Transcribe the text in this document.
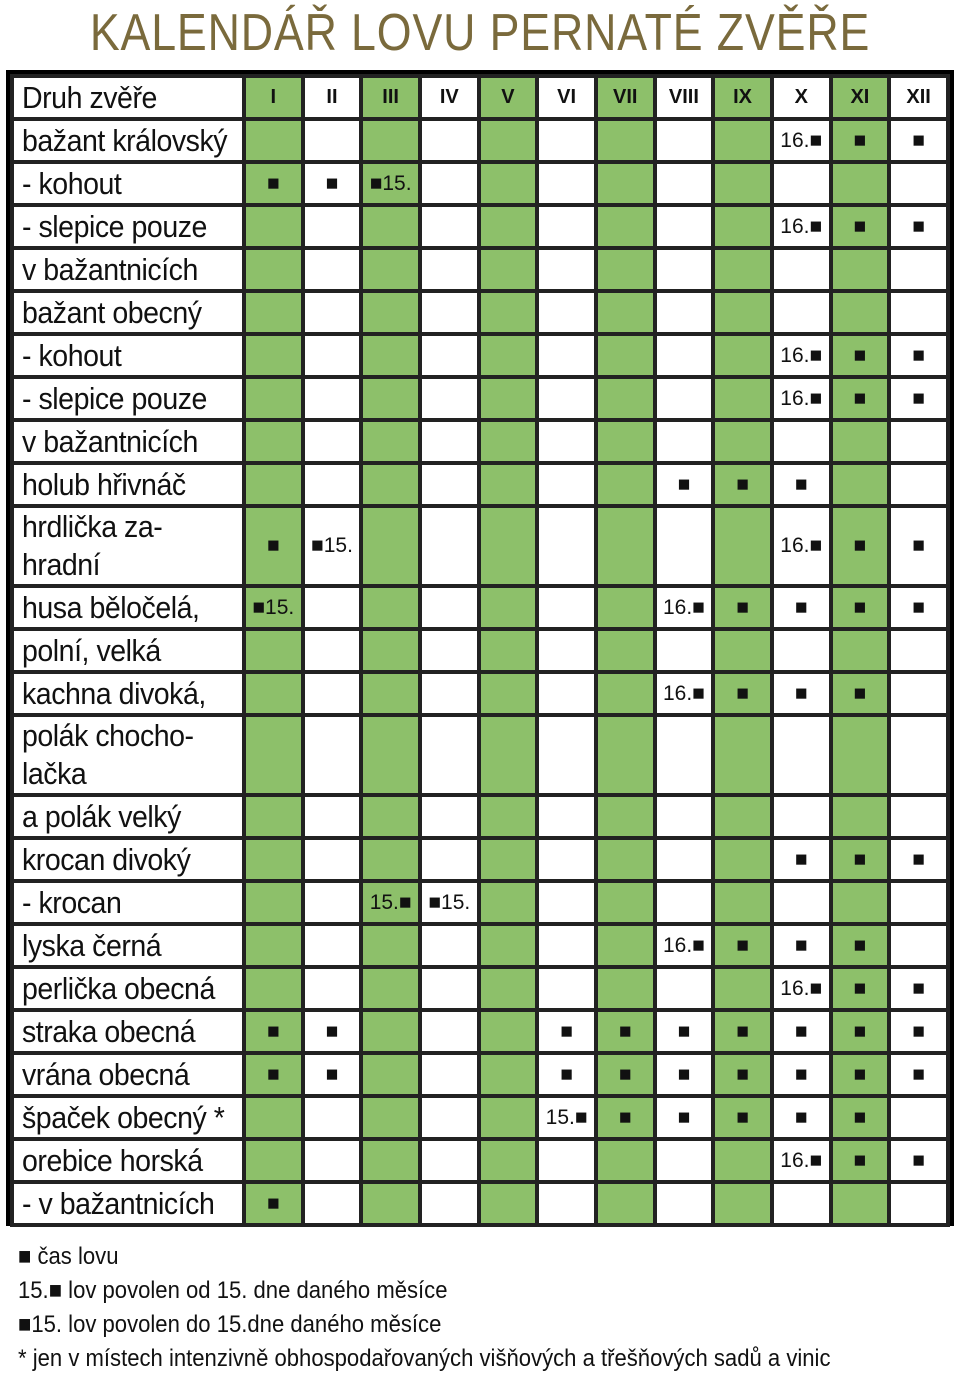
KALENDÁŘ LOVU PERNATÉ ZVĚŘE
Druh zvěře	I	II	III	IV	V	VI	VII	VIII	IX	X	XI	XII
bažant královský										16.■	■	■
- kohout	■	■	■15.									
- slepice pouze										16.■	■	■
v bažantnicích												
bažant obecný												
- kohout										16.■	■	■
- slepice pouze										16.■	■	■
v bažantnicích												
holub hřivnáč								■	■	■		
hrdlička za-
hradní	■	■15.								16.■	■	■
husa běločelá,	■15.							16.■	■	■	■	■
polní, velká												
kachna divoká,								16.■	■	■	■	
polák chocho-
lačka												
a polák velký												
krocan divoký										■	■	■
- krocan			15.■	■15.								
lyska černá								16.■	■	■	■	
perlička obecná										16.■	■	■
straka obecná	■	■				■	■	■	■	■	■	■
vrána obecná	■	■				■	■	■	■	■	■	■
špaček obecný *						15.■	■	■	■	■	■	
orebice horská										16.■	■	■
- v bažantnicích	■											
■ čas lovu
15.■ lov povolen od 15. dne daného měsíce
■15. lov povolen do 15.dne daného měsíce
* jen v místech intenzivně obhospodařovaných višňových a třešňových sadů a vinic
